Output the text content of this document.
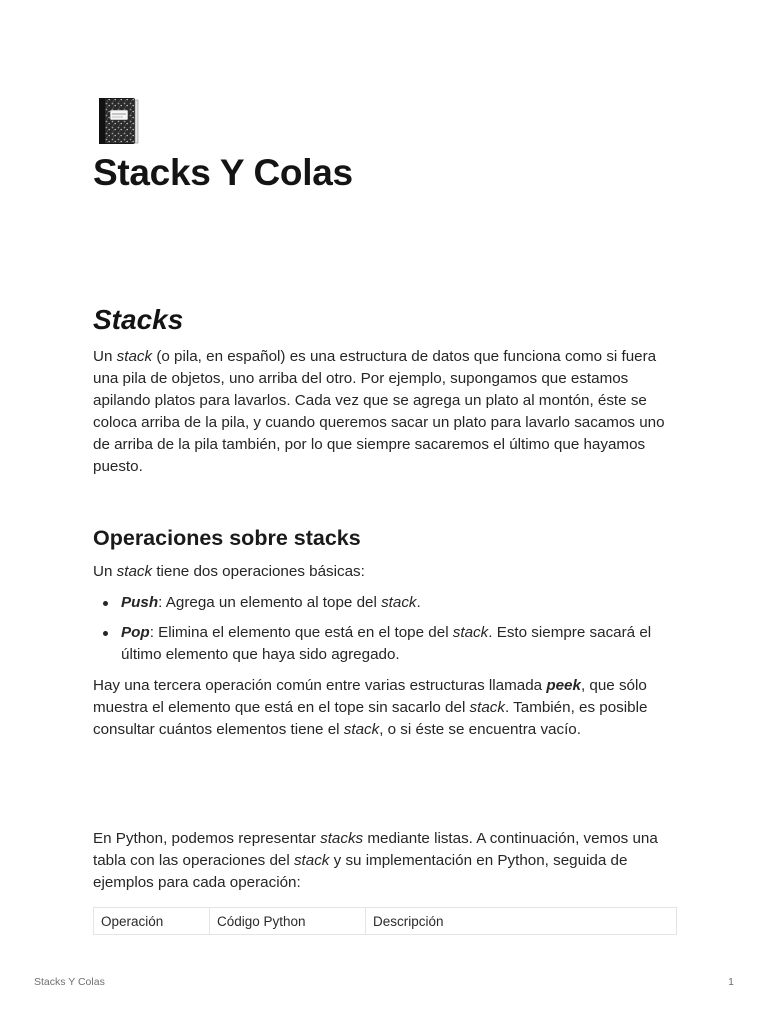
Stacks Y Colas
Stacks

Un stack (o pila, en español) es una estructura de datos que funciona como si fuera una pila de objetos, uno arriba del otro. Por ejemplo, supongamos que estamos apilando platos para lavarlos. Cada vez que se agrega un plato al montón, éste se coloca arriba de la pila, y cuando queremos sacar un plato para lavarlo sacamos uno de arriba de la pila también, por lo que siempre sacaremos el último que hayamos puesto.

Operaciones sobre stacks

Un stack tiene dos operaciones básicas:

Push: Agrega un elemento al tope del stack.
Pop: Elimina el elemento que está en el tope del stack. Esto siempre sacará el último elemento que haya sido agregado.

Hay una tercera operación común entre varias estructuras llamada peek, que sólo muestra el elemento que está en el tope sin sacarlo del stack. También, es posible consultar cuántos elementos tiene el stack, o si éste se encuentra vacío.

En Python, podemos representar stacks mediante listas. A continuación, vemos una tabla con las operaciones del stack y su implementación en Python, seguida de ejemplos para cada operación:

Operación	Código Python	Descripción
Stacks Y Colas	1
